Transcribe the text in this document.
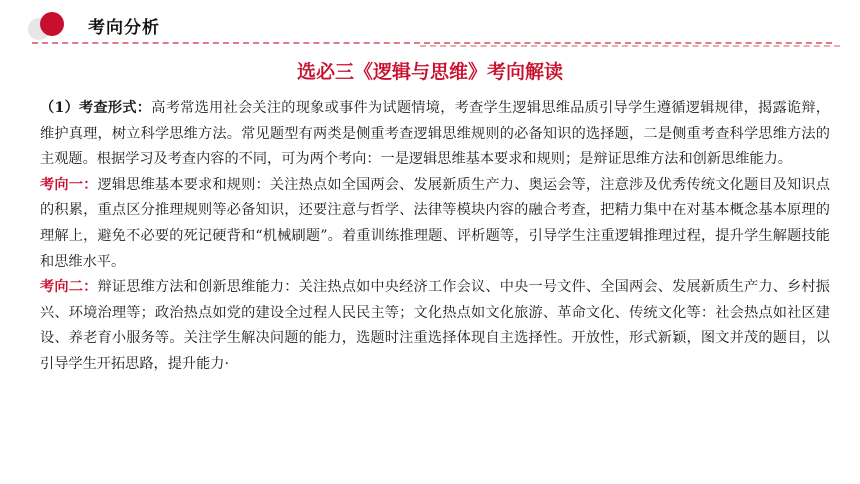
考向分析
选必三《逻辑与思维》考向解读

（1）考查形式：高考常选用社会关注的现象或事件为试题情境，考查学生逻辑思维品质引导学生遵循逻辑规律，揭露诡辩，维护真理，树立科学思维方法。常见题型有两类是侧重考查逻辑思维规则的必备知识的选择题，二是侧重考查科学思维方法的主观题。根据学习及考查内容的不同，可为两个考向：一是逻辑思维基本要求和规则；是辩证思维方法和创新思维能力。

考向一：逻辑思维基本要求和规则：关注热点如全国两会、发展新质生产力、奥运会等，注意涉及优秀传统文化题目及知识点的积累，重点区分推理规则等必备知识，还要注意与哲学、法律等模块内容的融合考查，把精力集中在对基本概念基本原理的理解上，避免不必要的死记硬背和“机械刷题”。着重训练推理题、评析题等，引导学生注重逻辑推理过程，提升学生解题技能和思维水平。

考向二：辩证思维方法和创新思维能力：关注热点如中央经济工作会议、中央一号文件、全国两会、发展新质生产力、乡村振兴、环境治理等；政治热点如党的建设全过程人民民主等；文化热点如文化旅游、革命文化、传统文化等：社会热点如社区建设、养老育小服务等。关注学生解决问题的能力，选题时注重选择体现自主选择性。开放性，形式新颖，图文并茂的题目，以引导学生开拓思路，提升能力·
